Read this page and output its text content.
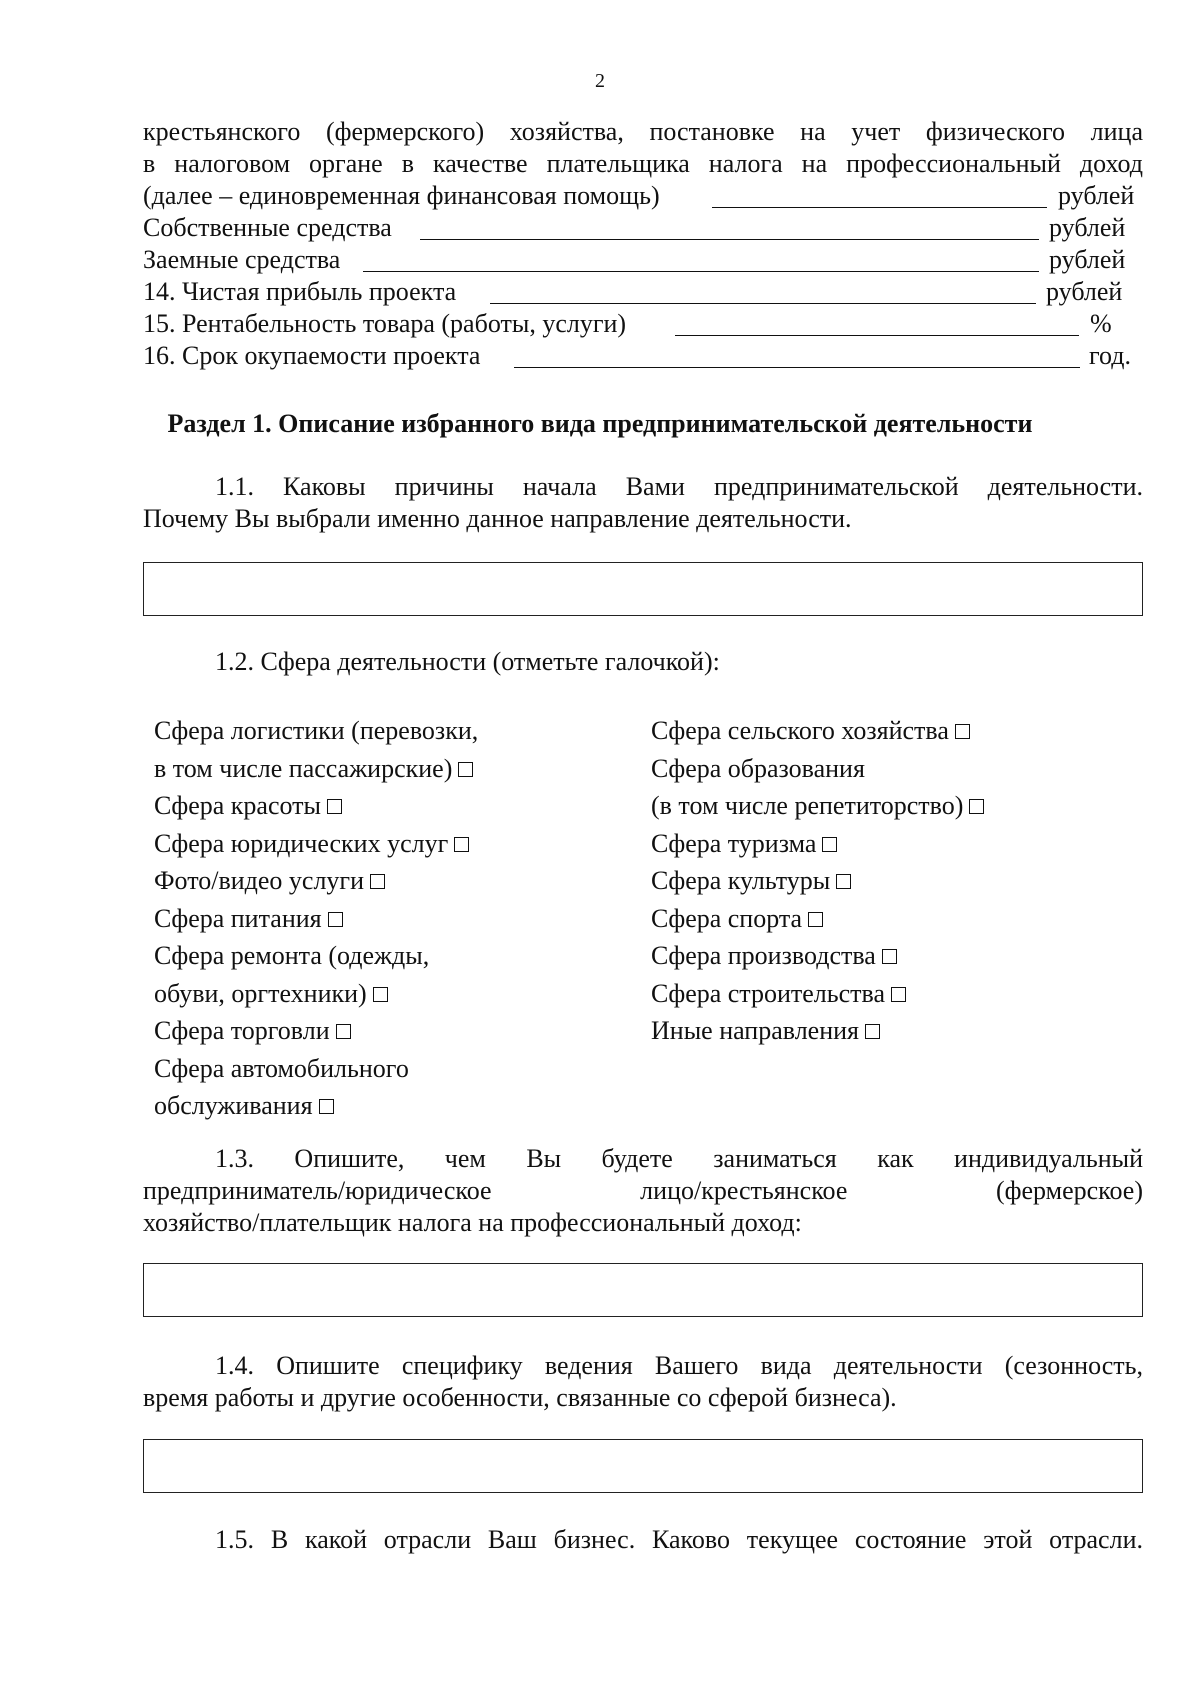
2
крестьянского (фермерского) хозяйства, постановке на учет физического лица
в налоговом органе в качестве плательщика налога на профессиональный доход
(далее – единовременная финансовая помощь)	рублей
Собственные средства	рублей
Заемные средства	рублей
14. Чистая прибыль проекта	рублей
15. Рентабельность товара (работы, услуги)	%
16. Срок окупаемости проекта	год.
Раздел 1. Описание избранного вида предпринимательской деятельности
1.1. Каковы причины начала Вами предпринимательской деятельности.
Почему Вы выбрали именно данное направление деятельности.
1.2. Сфера деятельности (отметьте галочкой):
Сфера логистики (перевозки,
в том числе пассажирские)
Сфера красоты
Сфера юридических услуг
Фото/видео услуги
Сфера питания
Сфера ремонта (одежды,
обуви, оргтехники)
Сфера торговли
Сфера автомобильного
обслуживания
Сфера сельского хозяйства
Сфера образования
(в том числе репетиторство)
Сфера туризма
Сфера культуры
Сфера спорта
Сфера производства
Сфера строительства
Иные направления
1.3. Опишите, чем Вы будете заниматься как индивидуальный
предприниматель/юридическое лицо/крестьянское (фермерское)
хозяйство/плательщик налога на профессиональный доход:
1.4. Опишите специфику ведения Вашего вида деятельности (сезонность,
время работы и другие особенности, связанные со сферой бизнеса).
1.5. В какой отрасли Ваш бизнес. Каково текущее состояние этой отрасли.
